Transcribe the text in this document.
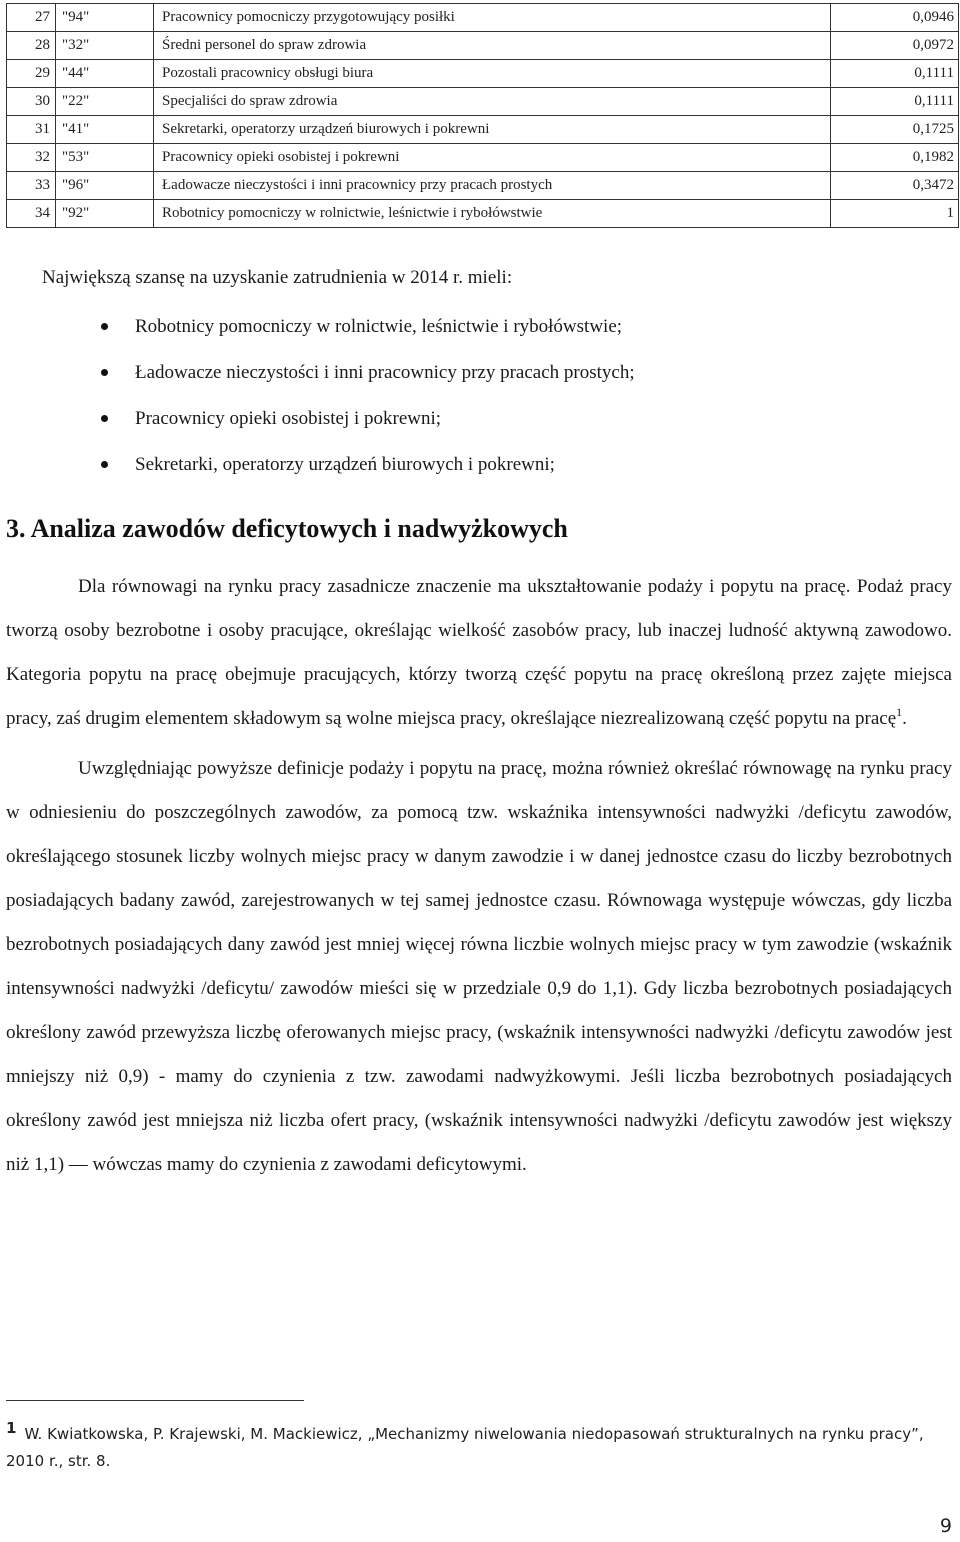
27	"94"	Pracownicy pomocniczy przygotowujący posiłki	0,0946
28	"32"	Średni personel do spraw zdrowia	0,0972
29	"44"	Pozostali pracownicy obsługi biura	0,1111
30	"22"	Specjaliści do spraw zdrowia	0,1111
31	"41"	Sekretarki, operatorzy urządzeń biurowych i pokrewni	0,1725
32	"53"	Pracownicy opieki osobistej i pokrewni	0,1982
33	"96"	Ładowacze nieczystości i inni pracownicy przy pracach prostych	0,3472
34	"92"	Robotnicy pomocniczy w rolnictwie, leśnictwie i rybołówstwie	1

Największą szansę na uzyskanie zatrudnienia w 2014 r. mieli:

Robotnicy pomocniczy w rolnictwie, leśnictwie i rybołówstwie;
Ładowacze nieczystości i inni pracownicy przy pracach prostych;
Pracownicy opieki osobistej i pokrewni;
Sekretarki, operatorzy urządzeń biurowych i pokrewni;
3. Analiza zawodów deficytowych i nadwyżkowych

Dla równowagi na rynku pracy zasadnicze znaczenie ma ukształtowanie podaży i popytu na pracę. Podaż pracy tworzą osoby bezrobotne i osoby pracujące, określając wielkość zasobów pracy, lub inaczej ludność aktywną zawodowo. Kategoria popytu na pracę obejmuje pracujących, którzy tworzą część popytu na pracę określoną przez zajęte miejsca pracy, zaś drugim elementem składowym są wolne miejsca pracy, określające niezrealizowaną część popytu na pracę$^1$.

Uwzględniając powyższe definicje podaży i popytu na pracę, można również określać równowagę na rynku pracy w odniesieniu do poszczególnych zawodów, za pomocą tzw. wskaźnika intensywności nadwyżki /deficytu zawodów, określającego stosunek liczby wolnych miejsc pracy w danym zawodzie i w danej jednostce czasu do liczby bezrobotnych posiadających badany zawód, zarejestrowanych w tej samej jednostce czasu. Równowaga występuje wówczas, gdy liczba bezrobotnych posiadających dany zawód jest mniej więcej równa liczbie wolnych miejsc pracy w tym zawodzie (wskaźnik intensywności nadwyżki /deficytu/ zawodów mieści się w przedziale 0,9 do 1,1). Gdy liczba bezrobotnych posiadających określony zawód przewyższa liczbę oferowanych miejsc pracy, (wskaźnik intensywności nadwyżki /deficytu zawodów jest mniejszy niż 0,9) - mamy do czynienia z tzw. zawodami nadwyżkowymi. Jeśli liczba bezrobotnych posiadających określony zawód jest mniejsza niż liczba ofert pracy, (wskaźnik intensywności nadwyżki /deficytu zawodów jest większy niż 1,1) — wówczas mamy do czynienia z zawodami deficytowymi.

1 W. Kwiatkowska, P. Krajewski, M. Mackiewicz, „Mechanizmy niwelowania niedopasowań strukturalnych na rynku pracy”, 2010 r., str. 8.

9
